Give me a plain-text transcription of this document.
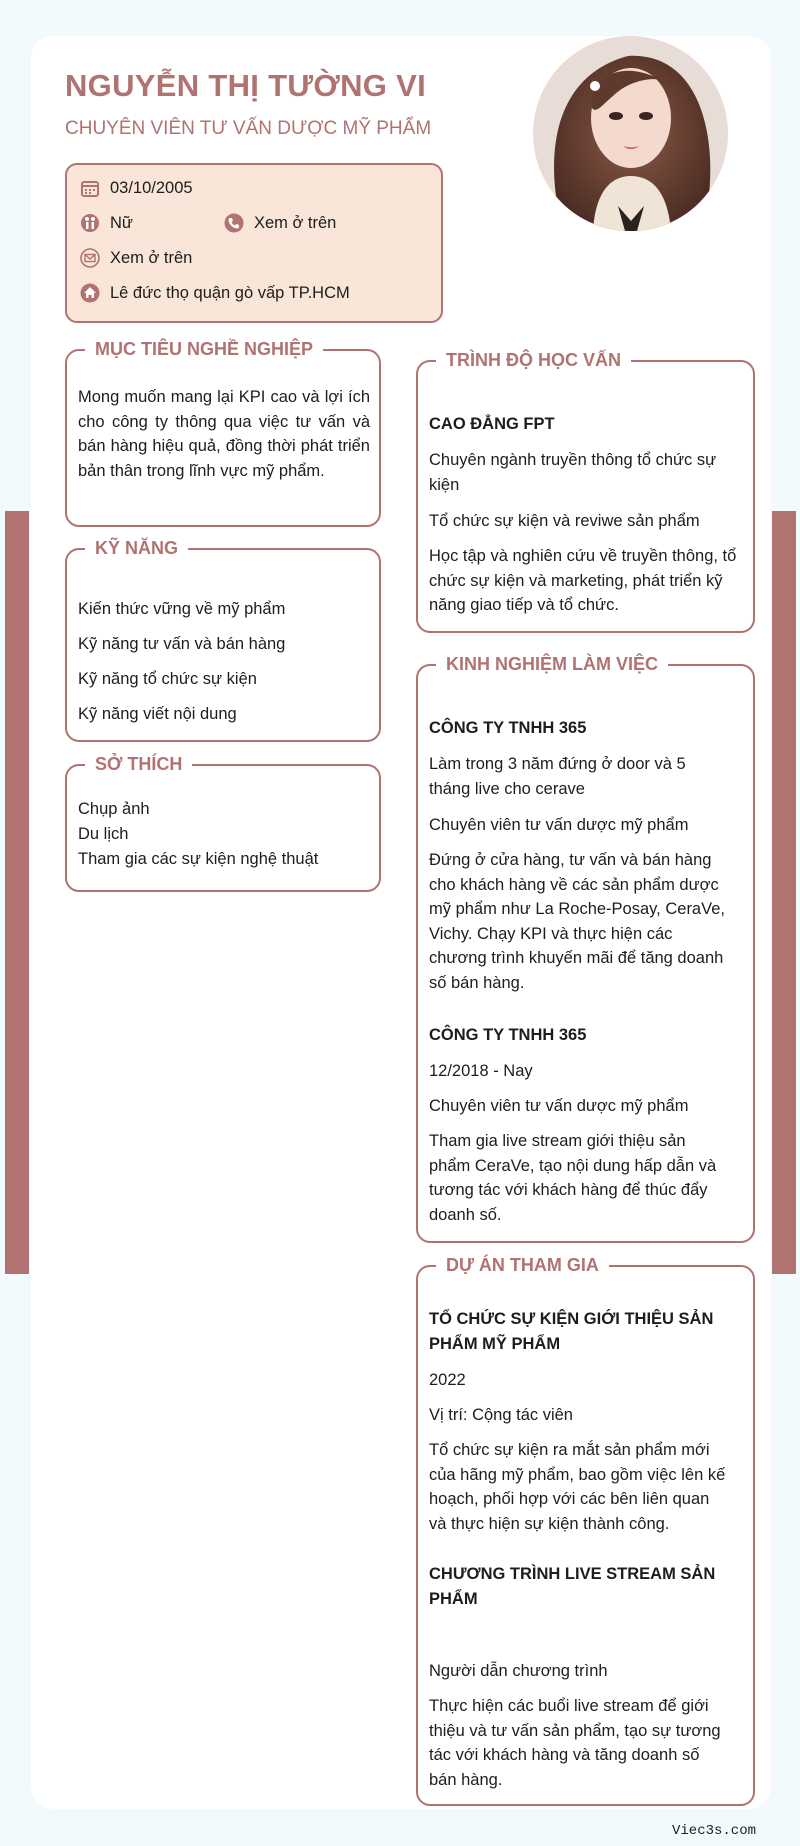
NGUYỄN THỊ TƯỜNG VI
CHUYÊN VIÊN TƯ VẤN DƯỢC MỸ PHẨM
03/10/2005
Nữ	Xem ở trên
Xem ở trên
Lê đức thọ quận gò vấp TP.HCM
MỤC TIÊU NGHỀ NGHIỆP

Mong muốn mang lại KPI cao và lợi ích cho công ty thông qua việc tư vấn và bán hàng hiệu quả, đồng thời phát triển bản thân trong lĩnh vực mỹ phẩm.

KỸ NĂNG

Kiến thức vững về mỹ phẩm

Kỹ năng tư vấn và bán hàng

Kỹ năng tổ chức sự kiện

Kỹ năng viết nội dung

SỞ THÍCH

Chụp ảnh

Du lịch

Tham gia các sự kiện nghệ thuật

TRÌNH ĐỘ HỌC VẤN

CAO ĐẲNG FPT

Chuyên ngành truyền thông tổ chức sự kiện

Tổ chức sự kiện và reviwe sản phẩm

Học tập và nghiên cứu về truyền thông, tổ chức sự kiện và marketing, phát triển kỹ năng giao tiếp và tổ chức.

KINH NGHIỆM LÀM VIỆC

CÔNG TY TNHH 365

Làm trong 3 năm đứng ở door và 5 tháng live cho cerave

Chuyên viên tư vấn dược mỹ phẩm

Đứng ở cửa hàng, tư vấn và bán hàng cho khách hàng về các sản phẩm dược mỹ phẩm như La Roche-Posay, CeraVe, Vichy. Chạy KPI và thực hiện các chương trình khuyến mãi để tăng doanh số bán hàng.

CÔNG TY TNHH 365

12/2018 - Nay

Chuyên viên tư vấn dược mỹ phẩm

Tham gia live stream giới thiệu sản phẩm CeraVe, tạo nội dung hấp dẫn và tương tác với khách hàng để thúc đẩy doanh số.

DỰ ÁN THAM GIA

TỔ CHỨC SỰ KIỆN GIỚI THIỆU SẢN PHẨM MỸ PHẨM

2022

Vị trí: Cộng tác viên

Tổ chức sự kiện ra mắt sản phẩm mới của hãng mỹ phẩm, bao gồm việc lên kế hoạch, phối hợp với các bên liên quan và thực hiện sự kiện thành công.

CHƯƠNG TRÌNH LIVE STREAM SẢN PHẨM

Người dẫn chương trình

Thực hiện các buổi live stream để giới thiệu và tư vấn sản phẩm, tạo sự tương tác với khách hàng và tăng doanh số bán hàng.

Viec3s.com
